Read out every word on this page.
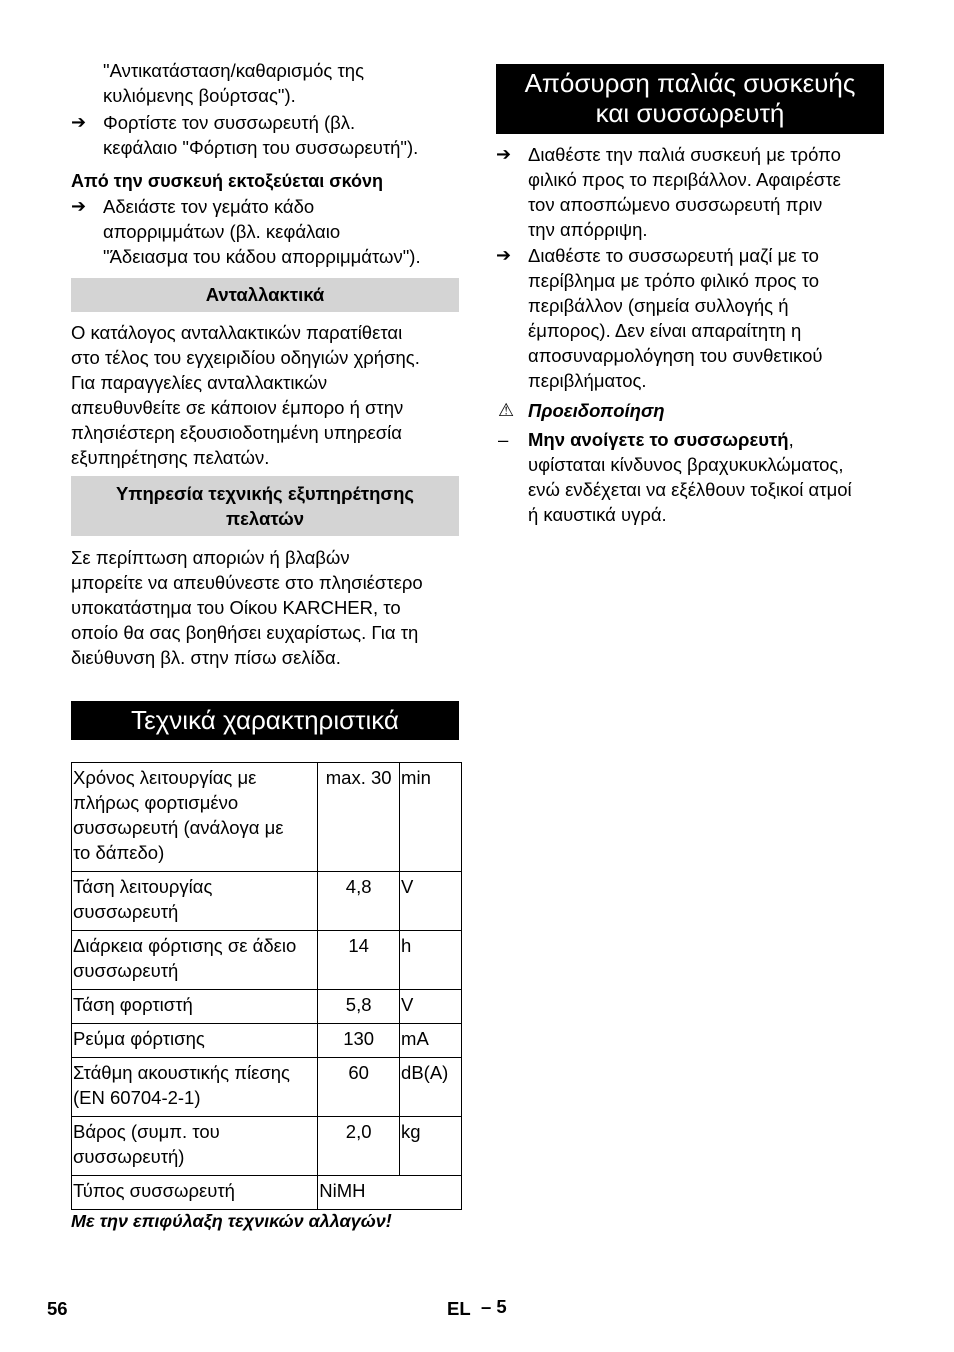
"Αντικατάσταση/καθαρισμός της
κυλιόμενης βούρτσας").
➔ Φορτίστε τον συσσωρευτή (βλ.
κεφάλαιο "Φόρτιση του συσσωρευτή").
Από την συσκευή εκτοξεύεται σκόνη
➔ Αδειάστε τον γεμάτο κάδο
απορριμμάτων (βλ. κεφάλαιο
"Άδειασμα του κάδου απορριμμάτων").
Ανταλλακτικά
Ο κατάλογος ανταλλακτικών παρατίθεται
στο τέλος του εγχειριδίου οδηγιών χρήσης.
Για παραγγελίες ανταλλακτικών
απευθυνθείτε σε κάποιον έμπορο ή στην
πλησιέστερη εξουσιοδοτημένη υπηρεσία
εξυπηρέτησης πελατών.
Υπηρεσία τεχνικής εξυπηρέτησης
πελατών
Σε περίπτωση αποριών ή βλαβών
μπορείτε να απευθύνεστε στο πλησιέστερο
υποκατάστημα του Οίκου KARCHER, το
οποίο θα σας βοηθήσει ευχαρίστως. Για τη
διεύθυνση βλ. στην πίσω σελίδα.
Τεχνικά χαρακτηριστικά
Χρόνος λειτουργίας με
πλήρως φορτισμένο
συσσωρευτή (ανάλογα με
το δάπεδο)	max. 30	min

Τάση λειτουργίας
συσσωρευτή	4,8	V

Διάρκεια φόρτισης σε άδειο
συσσωρευτή	14	h

Τάση φορτιστή	5,8	V

Ρεύμα φόρτισης	130	mA

Στάθμη ακουστικής πίεσης
(EN 60704-2-1)	60	dB(A)

Βάρος (συμπ. του
συσσωρευτή)	2,0	kg
Τύπος συσσωρευτή	NiMH	
Με την επιφύλαξη τεχνικών αλλαγών!
Απόσυρση παλιάς συσκευής
και συσσωρευτή
➔ Διαθέστε την παλιά συσκευή με τρόπο
φιλικό προς το περιβάλλον. Αφαιρέστε
τον αποσπώμενο συσσωρευτή πριν
την απόρριψη.
➔ Διαθέστε το συσσωρευτή μαζί με το
περίβλημα με τρόπο φιλικό προς το
περιβάλλον (σημεία συλλογής ή
έμπορος). Δεν είναι απαραίτητη η
αποσυναρμολόγηση του συνθετικού
περιβλήματος.
⚠ Προειδοποίηση
– Μην ανοίγετε το συσσωρευτή,
υφίσταται κίνδυνος βραχυκυκλώματος,
ενώ ενδέχεται να εξέλθουν τοξικοί ατμοί
ή καυστικά υγρά.
56	EL – 5
